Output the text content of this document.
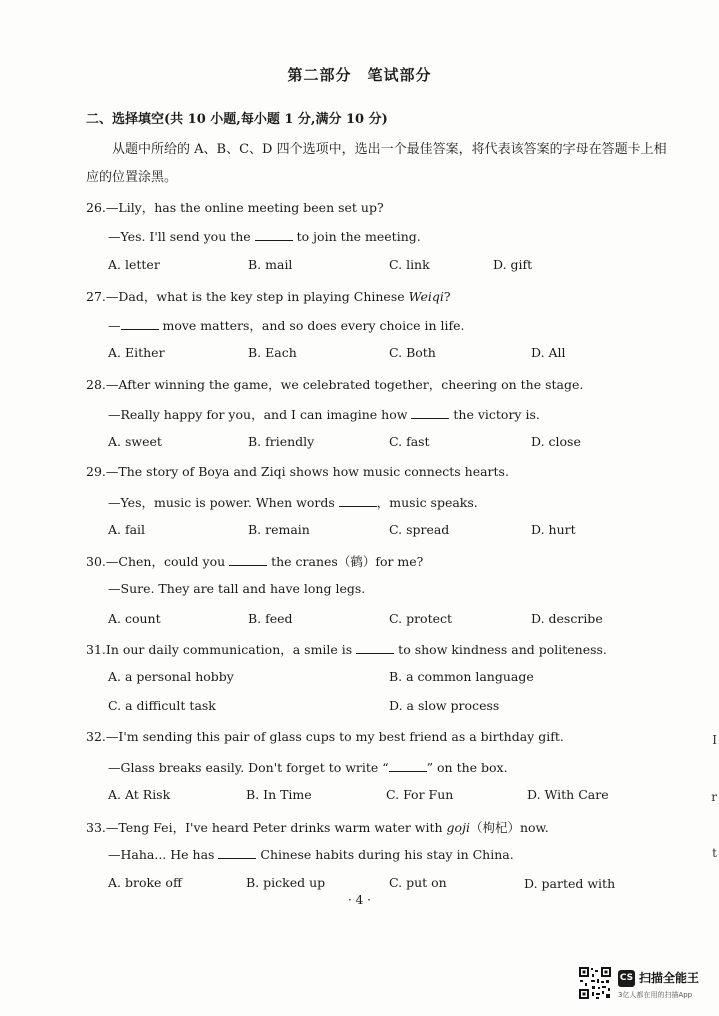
第二部分　笔试部分
二、选择填空(共 10 小题,每小题 1 分,满分 10 分)
从题中所给的 A、B、C、D 四个选项中，选出一个最佳答案，将代表该答案的字母在答题卡上相
应的位置涂黑。
26.—Lily，has the online meeting been set up?
—Yes. I'll send you the	to join the meeting.
A. letter	B. mail	C. link	D. gift
27.—Dad，what is the key step in playing Chinese Weiqi?
—	move matters，and so does every choice in life.
A. Either	B. Each	C. Both	D. All
28.—After winning the game，we celebrated together，cheering on the stage.
—Really happy for you，and I can imagine how	the victory is.
A. sweet	B. friendly	C. fast	D. close
29.—The story of Boya and Ziqi shows how music connects hearts.
—Yes，music is power. When words	，music speaks.
A. fail	B. remain	C. spread	D. hurt
30.—Chen，could you	the cranes（鹤）for me?
—Sure. They are tall and have long legs.
A. count	B. feed	C. protect	D. describe
31.In our daily communication，a smile is	to show kindness and politeness.
A. a personal hobby	B. a common language
C. a difficult task	D. a slow process
32.—I'm sending this pair of glass cups to my best friend as a birthday gift.
—Glass breaks easily. Don't forget to write “	” on the box.
A. At Risk	B. In Time	C. For Fun	D. With Care
33.—Teng Fei，I've heard Peter drinks warm water with goji（枸杞）now.
—Haha... He has	Chinese habits during his stay in China.
A. broke off	B. picked up	C. put on	D. parted with
· 4 ·
I
r
t
CS 扫描全能王
3亿人都在用的扫描App
